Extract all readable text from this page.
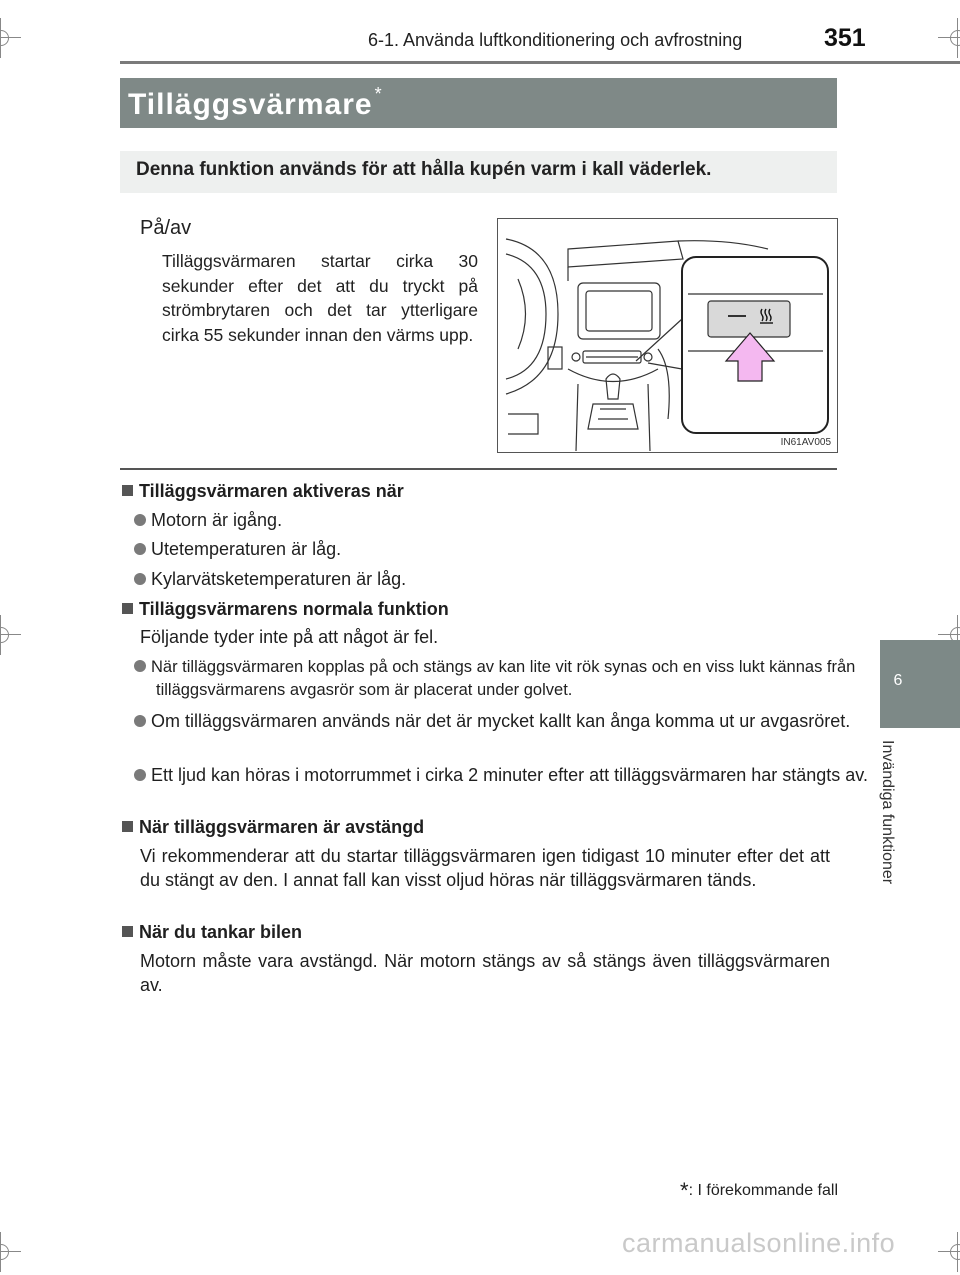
6-1. Använda luftkonditionering och avfrostning	351
6
Invändiga funktioner
Tilläggsvärmare *
Denna funktion används för att hålla kupén varm i kall väderlek.
På/av
Tilläggsvärmaren startar cirka 30 sekunder efter det att du tryckt på strömbrytaren och det tar ytterligare cirka 55 sekunder innan den värms upp.
IN61AV005
Tilläggsvärmaren aktiveras när
Motorn är igång.
Utetemperaturen är låg.
Kylarvätsketemperaturen är låg.
Tilläggsvärmarens normala funktion
Följande tyder inte på att något är fel.
När tilläggsvärmaren kopplas på och stängs av kan lite vit rök synas och en viss lukt kännas från tilläggsvärmarens avgasrör som är placerat under golvet.
Om tilläggsvärmaren används när det är mycket kallt kan ånga komma ut ur avgasröret.
Ett ljud kan höras i motorrummet i cirka 2 minuter efter att tilläggsvärmaren har stängts av.
När tilläggsvärmaren är avstängd
Vi rekommenderar att du startar tilläggsvärmaren igen tidigast 10 minuter efter det att du stängt av den. I annat fall kan visst oljud höras när tilläggsvärmaren tänds.
När du tankar bilen
Motorn måste vara avstängd. När motorn stängs av så stängs även tilläggsvärmaren av.
*: I förekommande fall
carmanualsonline.info
